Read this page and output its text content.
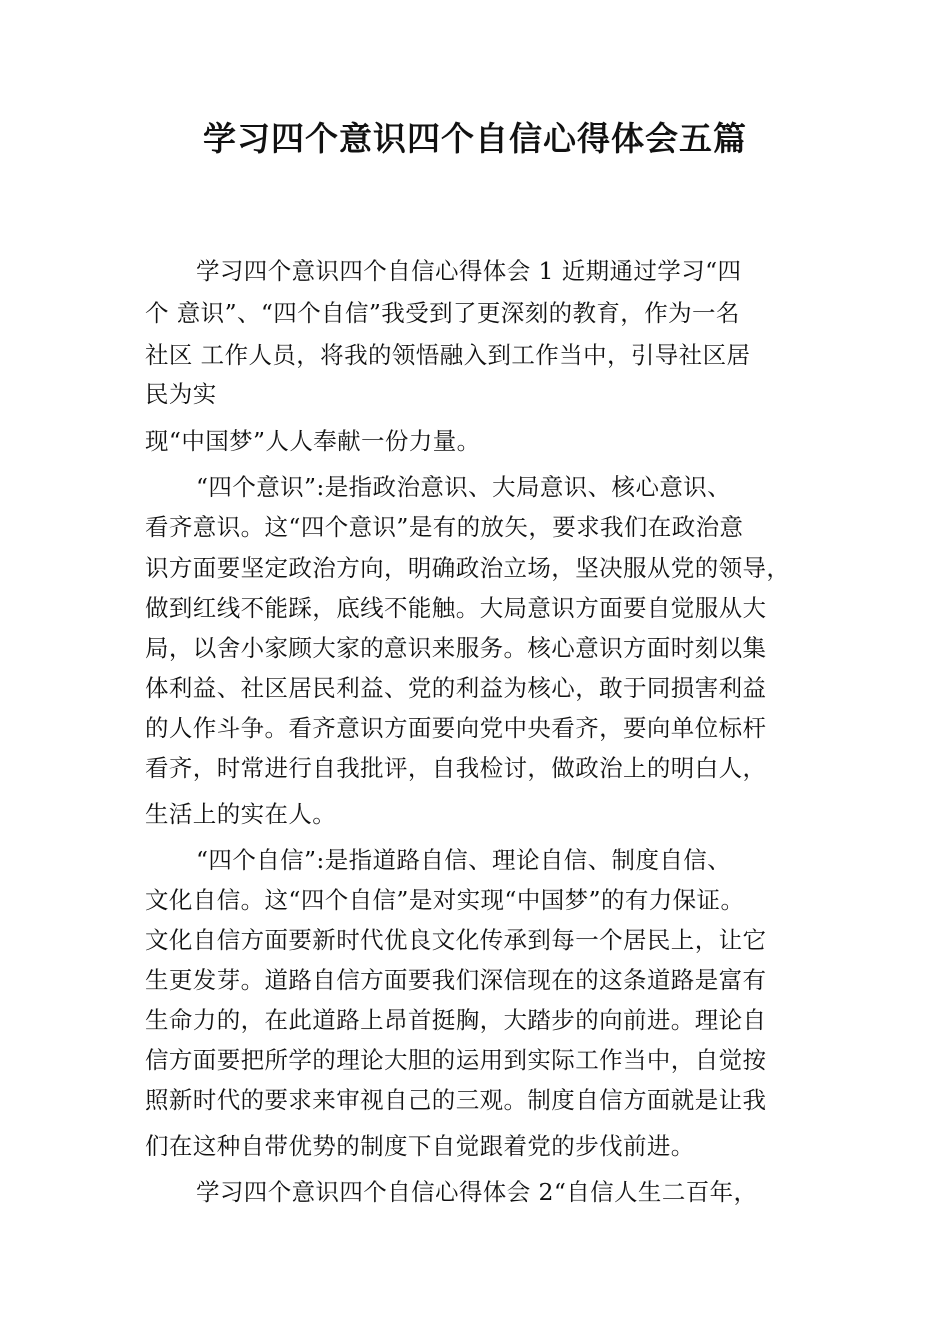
学习四个意识四个自信心得体会五篇
学习四个意识四个自信心得体会 1 近期通过学习“四
个 意识”、“四个自信”我受到了更深刻的教育，作为一名
社区 工作人员，将我的领悟融入到工作当中，引导社区居
民为实
现“中国梦”人人奉献一份力量。
“四个意识”:是指政治意识、大局意识、核心意识、
看齐意识。这“四个意识”是有的放矢，要求我们在政治意
识方面要坚定政治方向，明确政治立场，坚决服从党的领导，
做到红线不能踩，底线不能触。大局意识方面要自觉服从大
局，以舍小家顾大家的意识来服务。核心意识方面时刻以集
体利益、社区居民利益、党的利益为核心，敢于同损害利益
的人作斗争。看齐意识方面要向党中央看齐，要向单位标杆
看齐，时常进行自我批评，自我检讨，做政治上的明白人，
生活上的实在人。
“四个自信”:是指道路自信、理论自信、制度自信、
文化自信。这“四个自信”是对实现“中国梦”的有力保证。
文化自信方面要新时代优良文化传承到每一个居民上，让它
生更发芽。道路自信方面要我们深信现在的这条道路是富有
生命力的，在此道路上昂首挺胸，大踏步的向前进。理论自
信方面要把所学的理论大胆的运用到实际工作当中，自觉按
照新时代的要求来审视自己的三观。制度自信方面就是让我
们在这种自带优势的制度下自觉跟着党的步伐前进。
学习四个意识四个自信心得体会 2“自信人生二百年，
